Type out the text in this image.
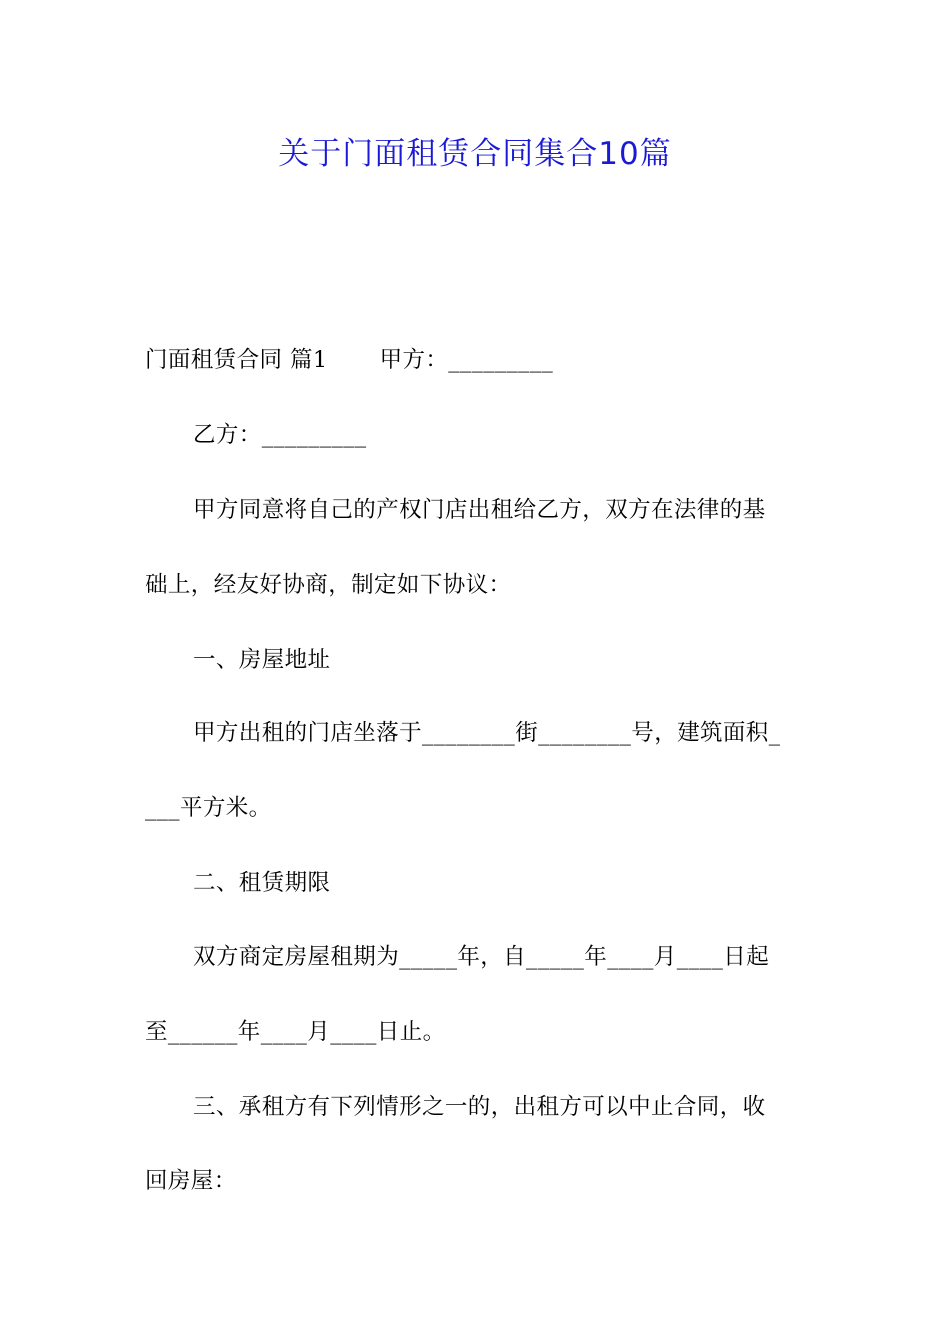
关于门面租赁合同集合10篇
门面租赁合同 篇1 甲方：_________
乙方：_________
甲方同意将自己的产权门店出租给乙方，双方在法律的基
础上，经友好协商，制定如下协议：
一、房屋地址
甲方出租的门店坐落于________街________号，建筑面积_
___平方米。
二、租赁期限
双方商定房屋租期为_____年，自_____年____月____日起
至______年____月____日止。
三、承租方有下列情形之一的，出租方可以中止合同，收
回房屋：
